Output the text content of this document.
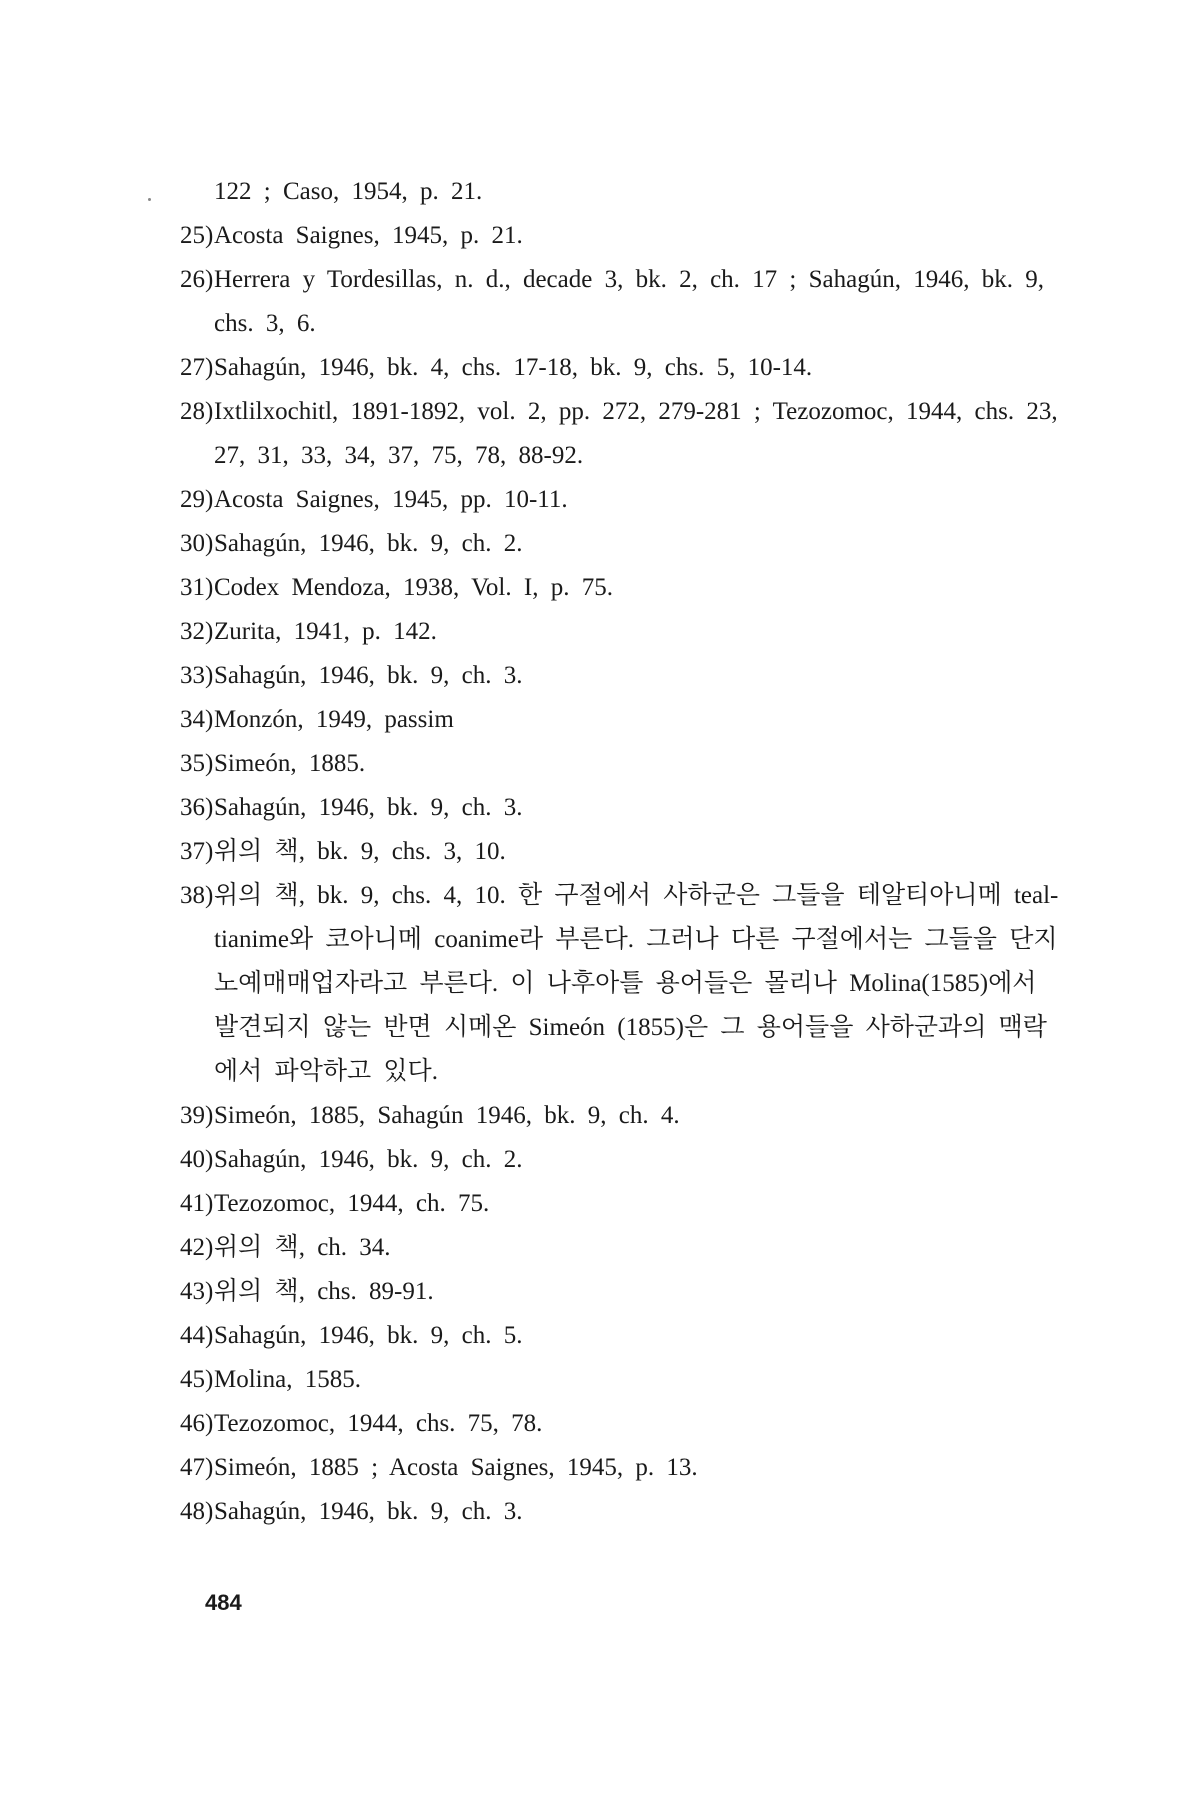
122 ; Caso, 1954, p. 21.

25)Acosta Saignes, 1945, p. 21.

26)Herrera y Tordesillas, n. d., decade 3, bk. 2, ch. 17 ; Sahagún, 1946, bk. 9, chs. 3, 6.

27)Sahagún, 1946, bk. 4, chs. 17-18, bk. 9, chs. 5, 10-14.

28)Ixtlilxochitl, 1891-1892, vol. 2, pp. 272, 279-281 ; Tezozomoc, 1944, chs. 23, 27, 31, 33, 34, 37, 75, 78, 88-92.

29)Acosta Saignes, 1945, pp. 10-11.

30)Sahagún, 1946, bk. 9, ch. 2.

31)Codex Mendoza, 1938, Vol. I, p. 75.

32)Zurita, 1941, p. 142.

33)Sahagún, 1946, bk. 9, ch. 3.

34)Monzón, 1949, passim

35)Simeón, 1885.

36)Sahagún, 1946, bk. 9, ch. 3.

37)위의 책, bk. 9, chs. 3, 10.

38)위의 책, bk. 9, chs. 4, 10. 한 구절에서 사하군은 그들을 테알티아니메 teal-tianime와 코아니메 coanime라 부른다. 그러나 다른 구절에서는 그들을 단지 노예매매업자라고 부른다. 이 나후아틀 용어들은 몰리나 Molina(1585)에서 발견되지 않는 반면 시메온 Simeón (1855)은 그 용어들을 사하군과의 맥락에서 파악하고 있다.

39)Simeón, 1885, Sahagún 1946, bk. 9, ch. 4.

40)Sahagún, 1946, bk. 9, ch. 2.

41)Tezozomoc, 1944, ch. 75.

42)위의 책, ch. 34.

43)위의 책, chs. 89-91.

44)Sahagún, 1946, bk. 9, ch. 5.

45)Molina, 1585.

46)Tezozomoc, 1944, chs. 75, 78.

47)Simeón, 1885 ; Acosta Saignes, 1945, p. 13.

48)Sahagún, 1946, bk. 9, ch. 3.

484
